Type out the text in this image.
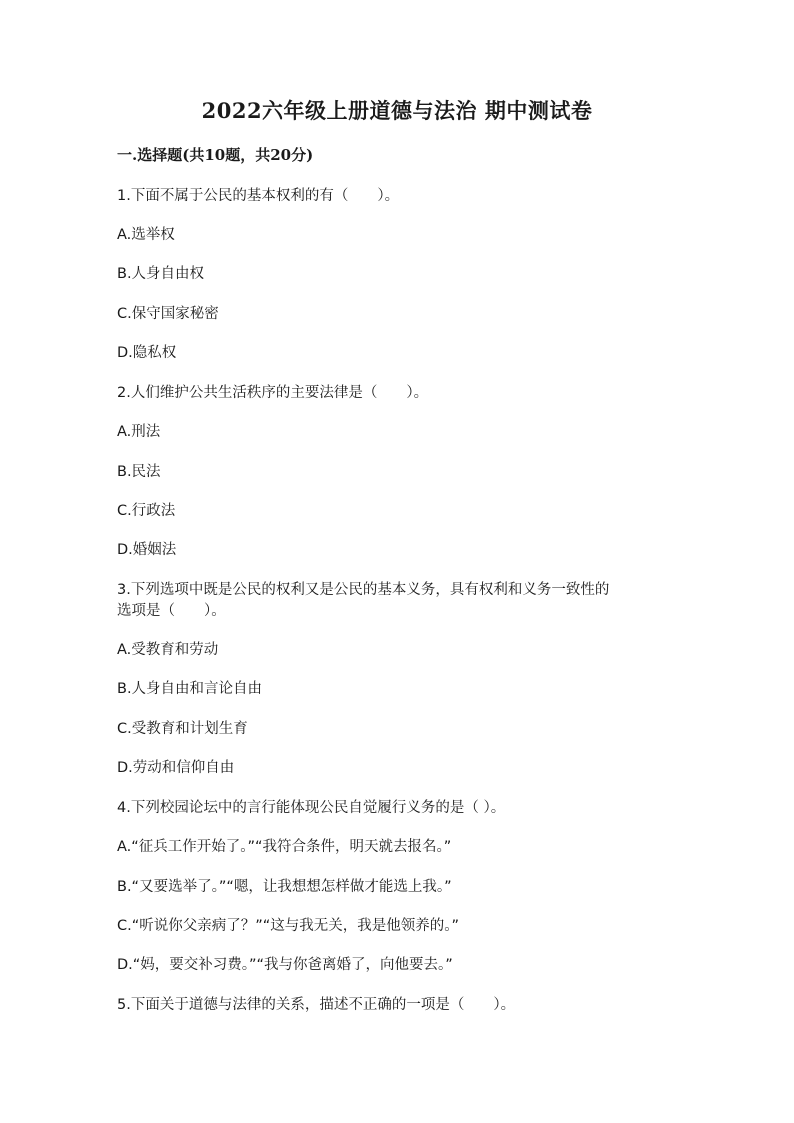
2022六年级上册道德与法治 期中测试卷
一.选择题(共10题，共20分)
1.下面不属于公民的基本权利的有（　　）。
A.选举权
B.人身自由权
C.保守国家秘密
D.隐私权
2.人们维护公共生活秩序的主要法律是（　　）。
A.刑法
B.民法
C.行政法
D.婚姻法
3.下列选项中既是公民的权利又是公民的基本义务，具有权利和义务一致性的
选项是（　　）。
A.受教育和劳动
B.人身自由和言论自由
C.受教育和计划生育
D.劳动和信仰自由
4.下列校园论坛中的言行能体现公民自觉履行义务的是（ ）。
A.“征兵工作开始了。”“我符合条件，明天就去报名。”
B.“又要选举了。”“嗯，让我想想怎样做才能选上我。”
C.“听说你父亲病了？”“这与我无关，我是他领养的。”
D.“妈，要交补习费。”“我与你爸离婚了，向他要去。”
5.下面关于道德与法律的关系，描述不正确的一项是（　　）。
